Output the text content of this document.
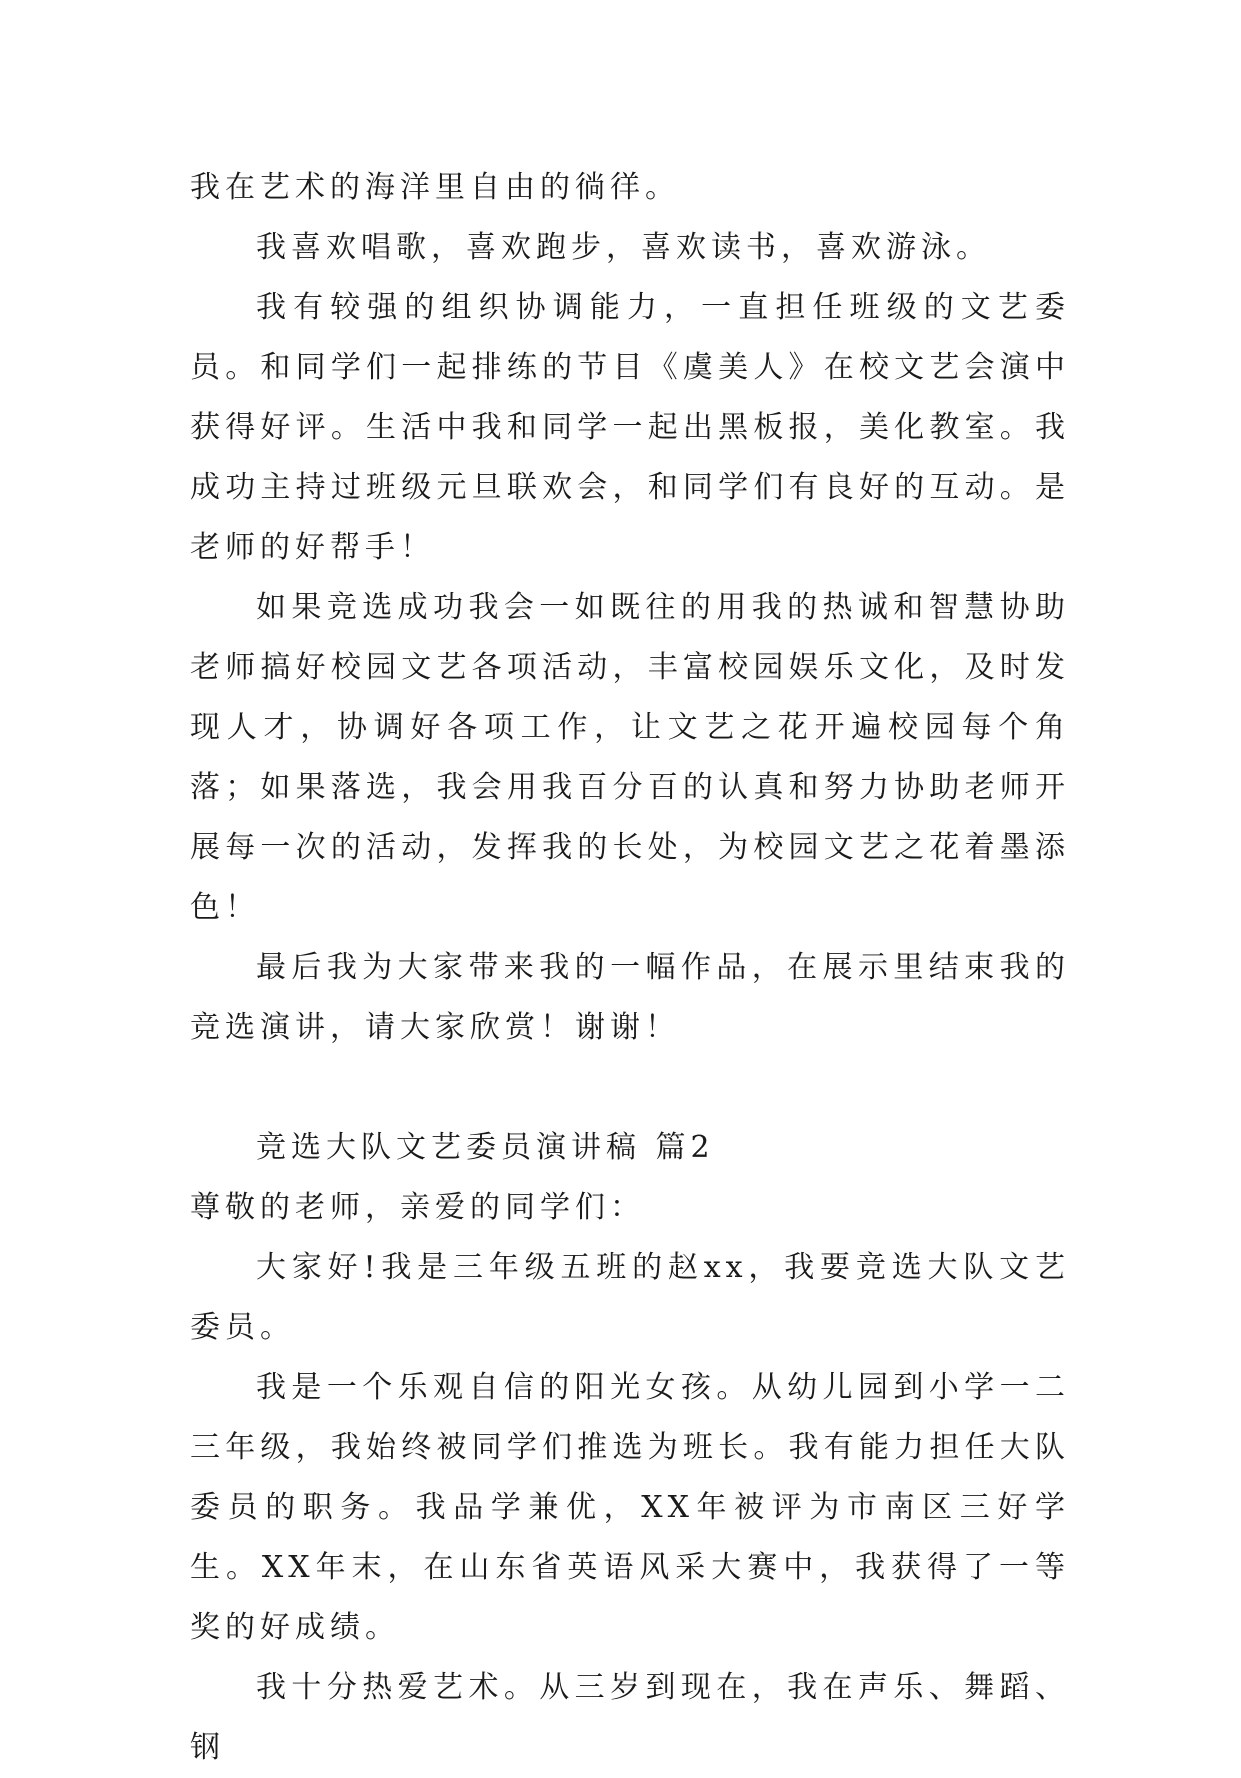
我在艺术的海洋里自由的徜徉。

我喜欢唱歌，喜欢跑步，喜欢读书，喜欢游泳。

我有较强的组织协调能力，一直担任班级的文艺委员。和同学们一起排练的节目《虞美人》在校文艺会演中获得好评。生活中我和同学一起出黑板报，美化教室。我成功主持过班级元旦联欢会，和同学们有良好的互动。是老师的好帮手！

如果竞选成功我会一如既往的用我的热诚和智慧协助老师搞好校园文艺各项活动，丰富校园娱乐文化，及时发现人才，协调好各项工作，让文艺之花开遍校园每个角落；如果落选，我会用我百分百的认真和努力协助老师开展每一次的活动，发挥我的长处，为校园文艺之花着墨添色！

最后我为大家带来我的一幅作品，在展示里结束我的竞选演讲，请大家欣赏！谢谢！

竞选大队文艺委员演讲稿 篇2

尊敬的老师，亲爱的同学们：

大家好!我是三年级五班的赵xx，我要竞选大队文艺委员。

我是一个乐观自信的阳光女孩。从幼儿园到小学一二三年级，我始终被同学们推选为班长。我有能力担任大队委员的职务。我品学兼优，XX年被评为市南区三好学生。XX年末，在山东省英语风采大赛中，我获得了一等奖的好成绩。

我十分热爱艺术。从三岁到现在，我在声乐、舞蹈、钢
